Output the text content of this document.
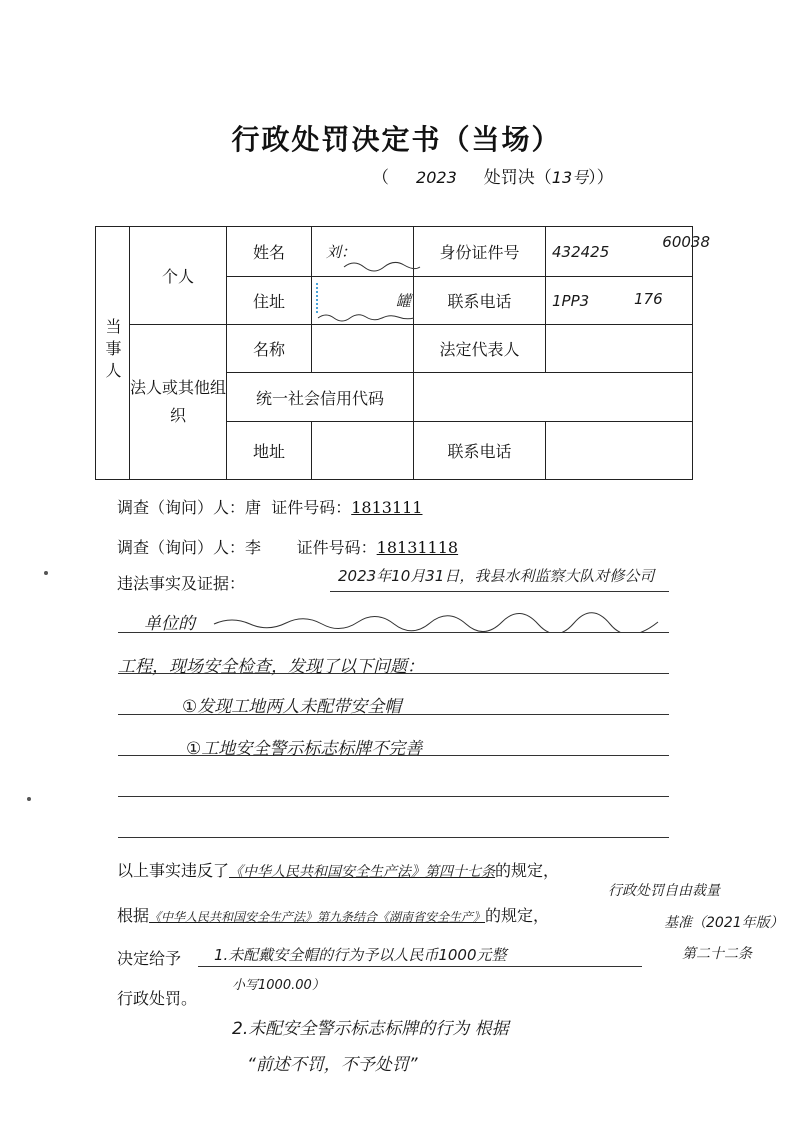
行政处罚决定书（当场）
（ 2023 处罚决（13号））
当事人	个人	姓名	刘：	身份证件号	432425
60038

		住址	罐	联系电话	1PP3 176

	法人或其他组织	名称		法定代表人	
		统一社会信用代码			
		地址		联系电话	
调查（询问）人：唐 证件号码：1813111
调查（询问）人：李 证件号码：18131118
违法事实及证据：	2023年10月31日，我县水利监察大队对修公司
单位的
工程，现场安全检查，发现了以下问题：
①发现工地两人未配带安全帽
①工地安全警示标志标牌不完善
以上事实违反了《中华人民共和国安全生产法》第四十七条的规定，
行政处罚自由裁量
根据《中华人民共和国安全生产法》第九条结合《湖南省安全生产》的规定，	基准（2021年版）
第二十二条
决定给予 1.未配戴安全帽的行为予以人民币1000元整
小写1000.00）
行政处罚。
2.未配安全警示标志标牌的行为 根据
“前述不罚，不予处罚”
